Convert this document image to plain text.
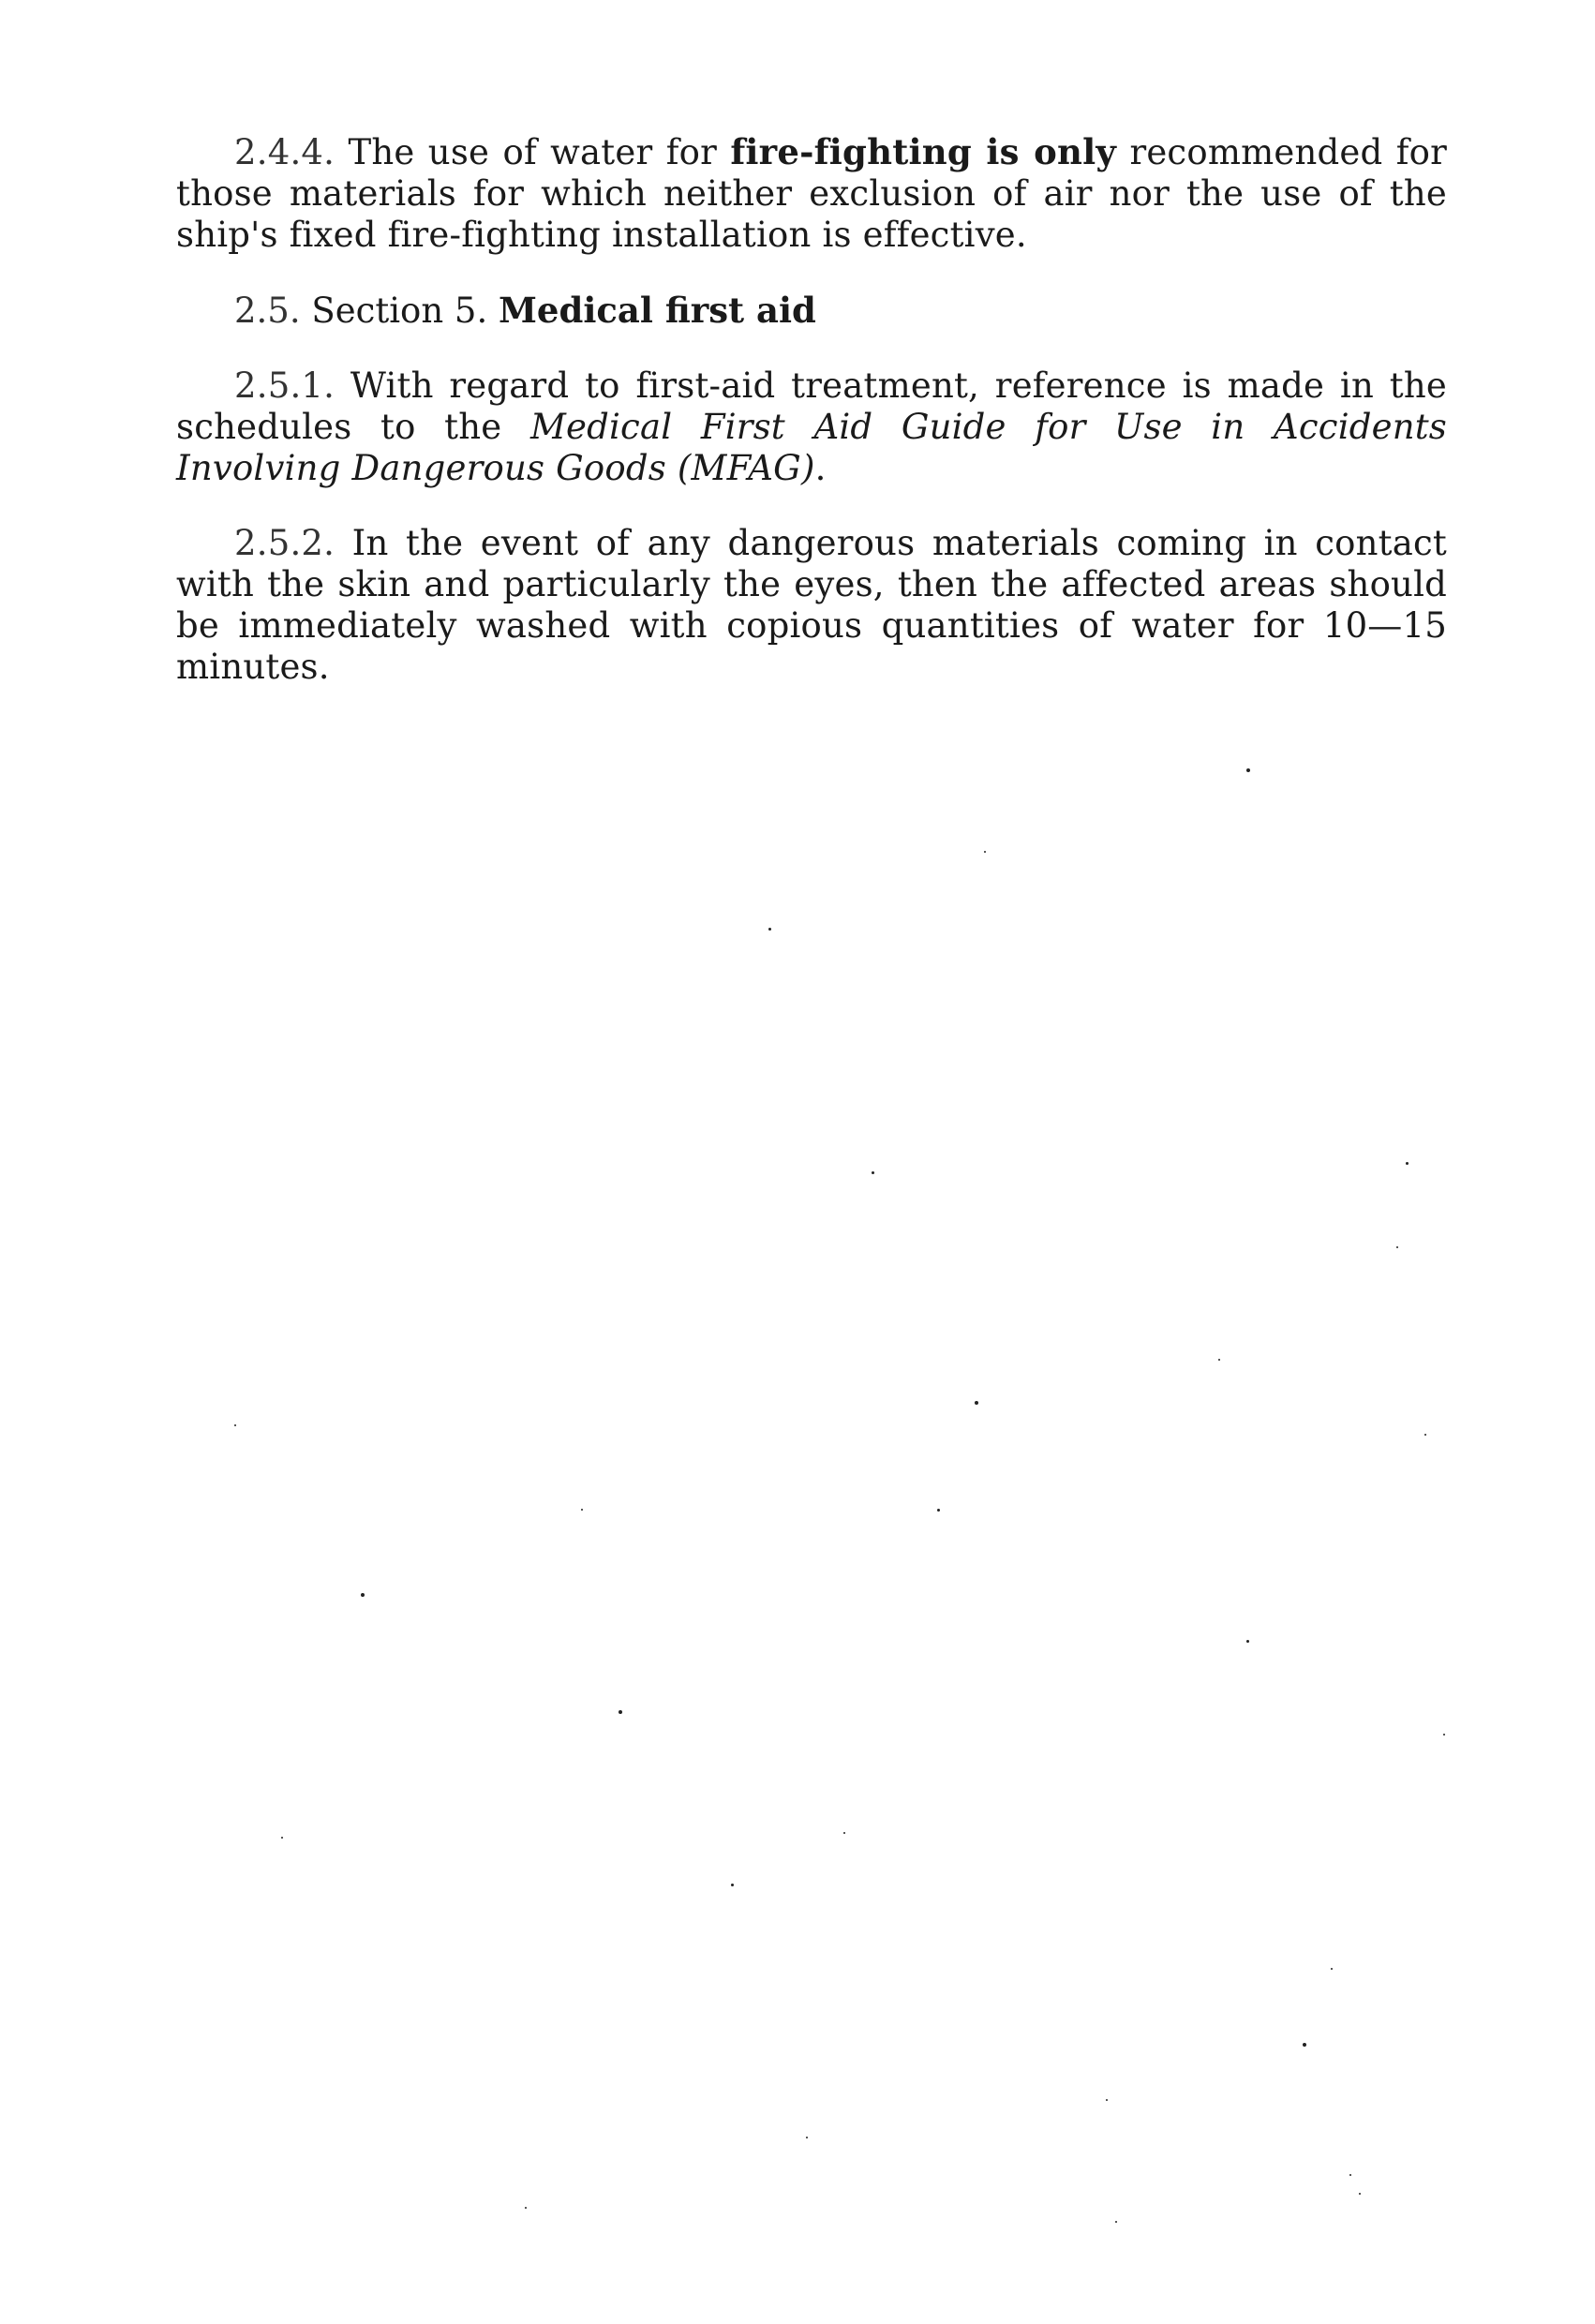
2.4.4. The use of water for fire-fighting is only recommended for those materials for which neither exclusion of air nor the use of the ship's fixed fire-fighting installation is effective.

2.5. Section 5. Medical first aid

2.5.1. With regard to first-aid treatment, reference is made in the schedules to the Medical First Aid Guide for Use in Accidents Involving Dangerous Goods (MFAG).

2.5.2. In the event of any dangerous materials coming in contact with the skin and particularly the eyes, then the affected areas should be immediately washed with copious quantities of water for 10—15 minutes.
